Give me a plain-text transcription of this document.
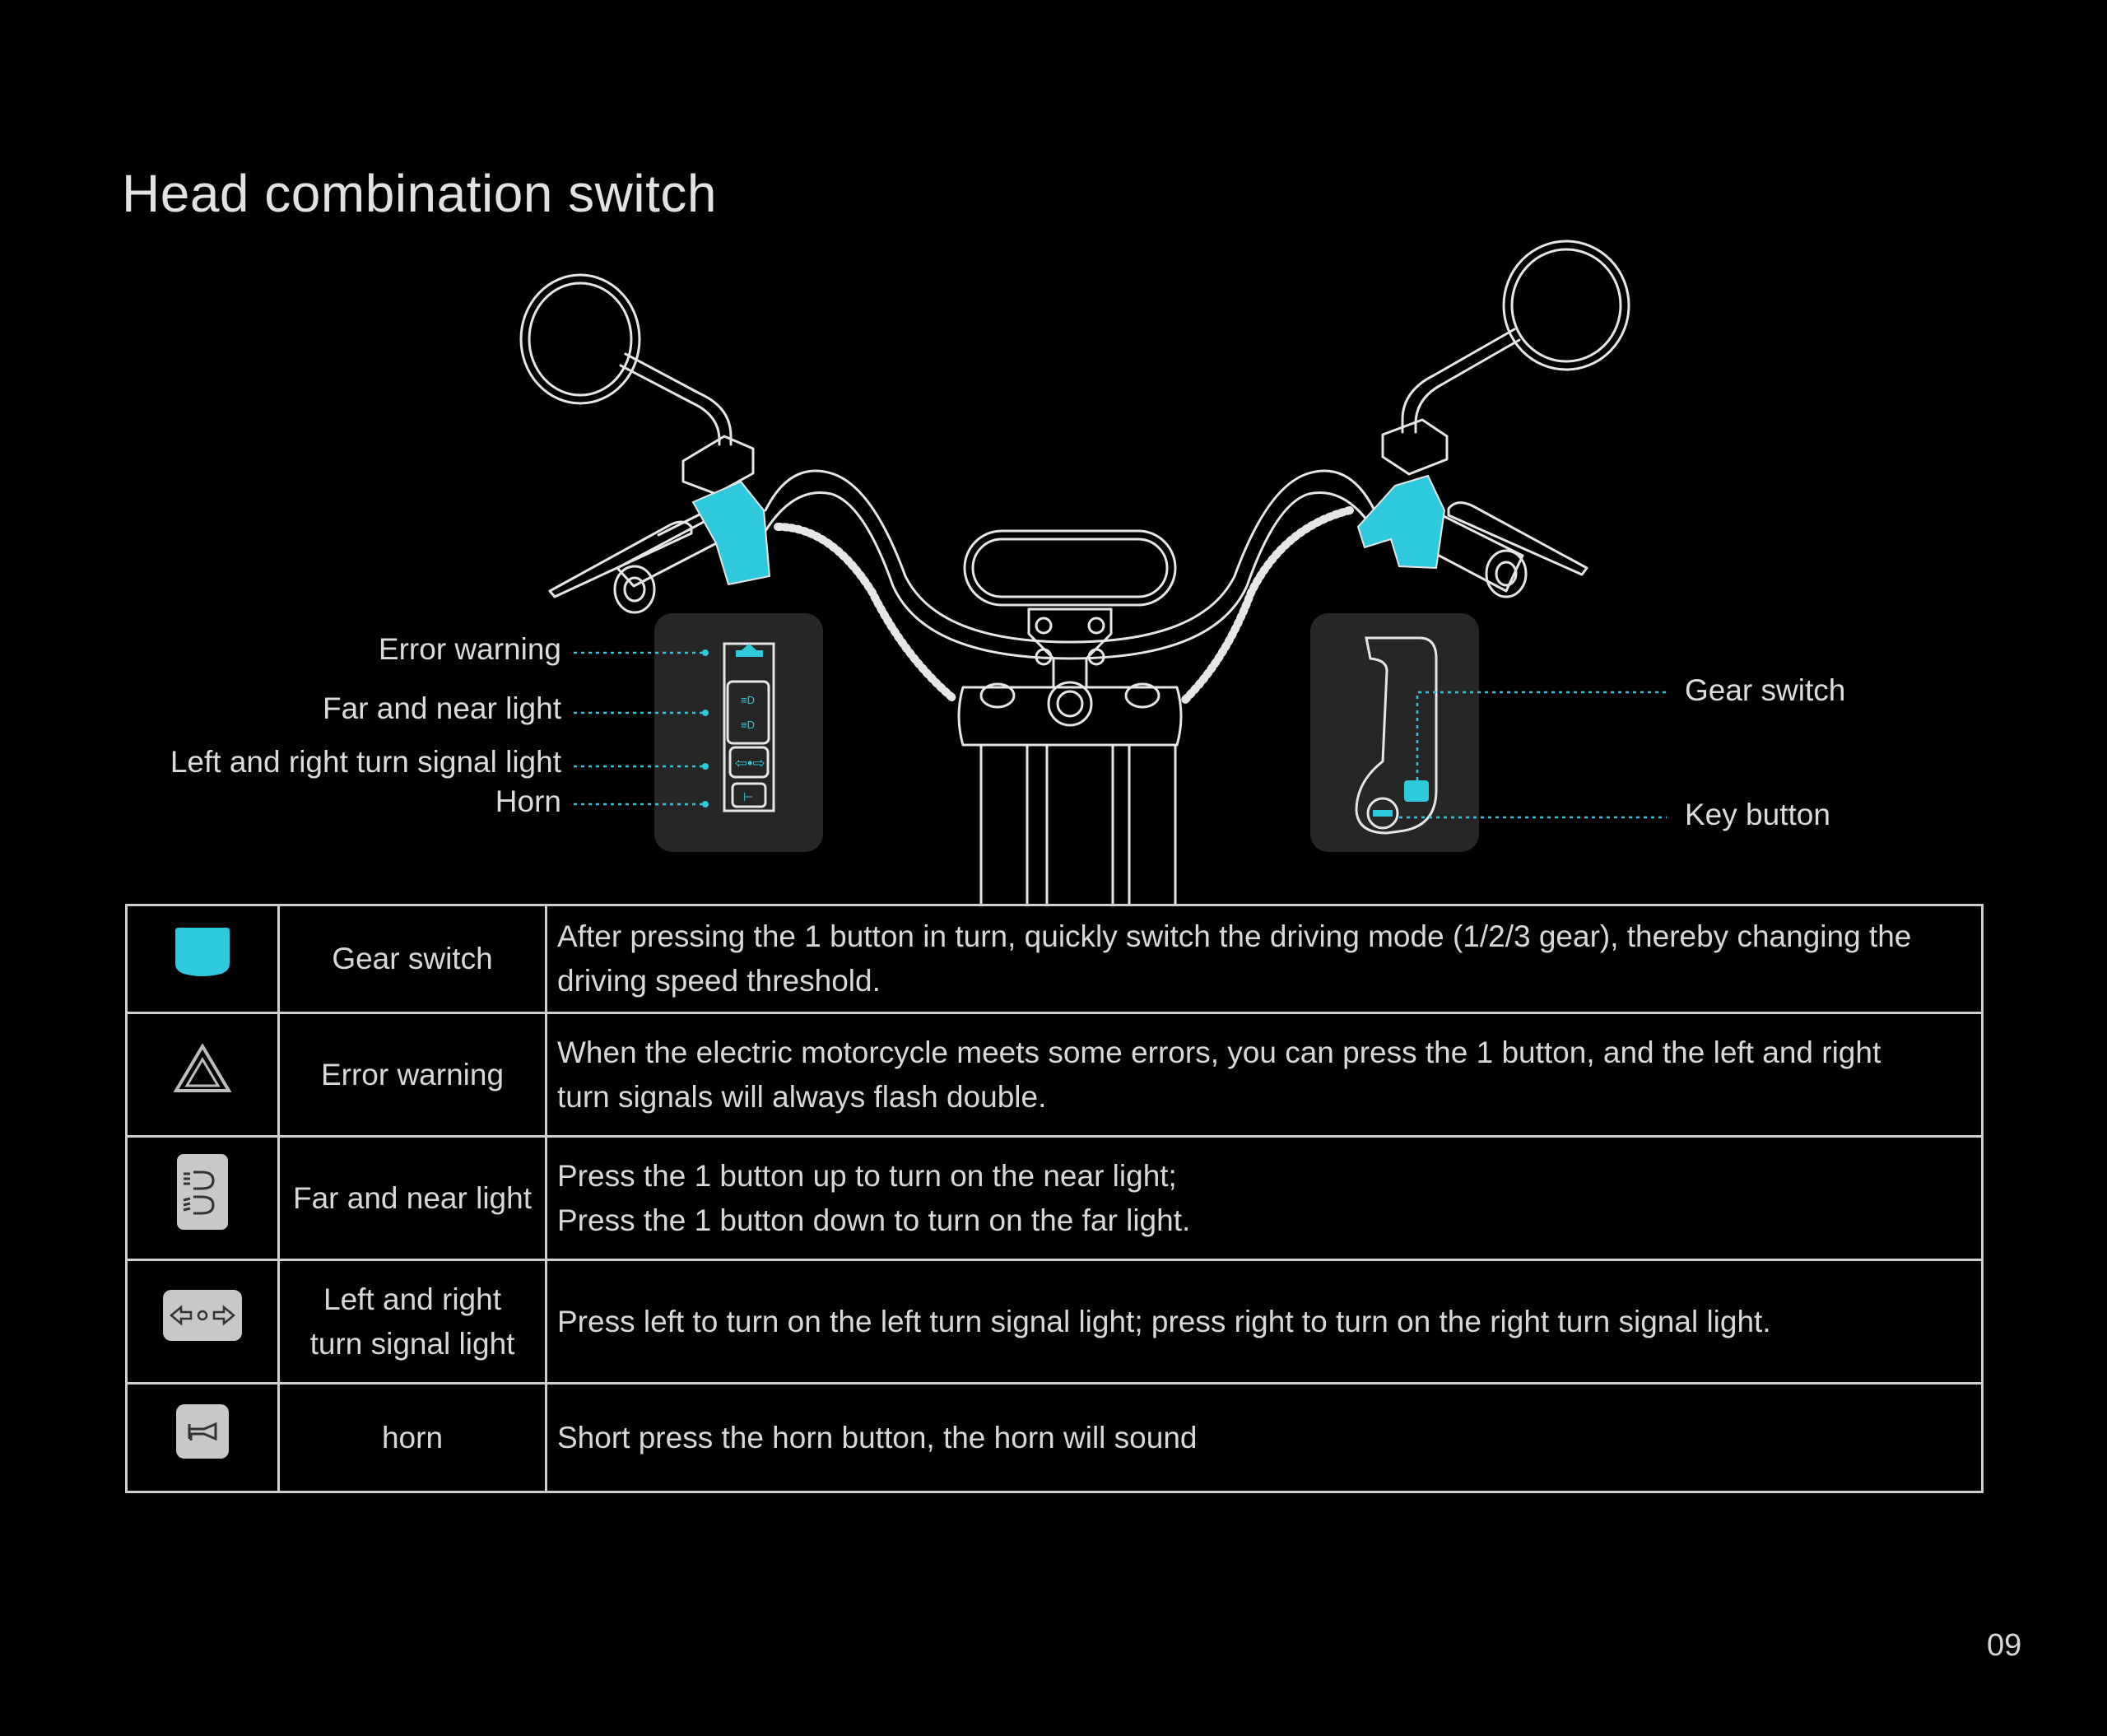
Head combination switch
≡D
≡D
⇦•⇨
⊢
Error warning
Far and near light
Left and right turn signal light
Horn
Gear switch
Key button

Gear switch	After pressing the 1 button in turn, quickly switch the driving mode (1/2/3 gear), thereby changing the
driving speed threshold.

Error warning	When the electric motorcycle meets some errors, you can press the 1 button, and the left and right
turn signals will always flash double.

Far and near light	Press the 1 button up to turn on the near light;
Press the 1 button down to turn on the far light.

Left and right
turn signal light	Press left to turn on the left turn signal light; press right to turn on the right turn signal light.

horn	Short press the horn button, the horn will sound
09
